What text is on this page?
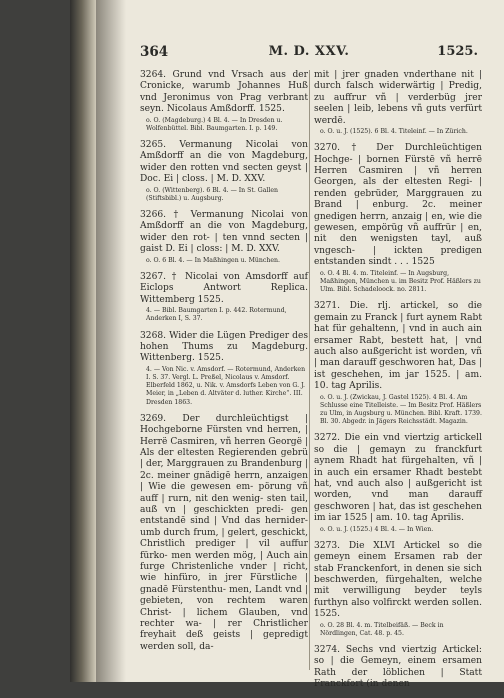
364	M. D. XXV.	1525.

3264. Grund vnd Vrsach aus der Cronicke, warumb Johannes Huß vnd Jeronimus von Prag verbrant seyn. Nicolaus Amßdorff. 1525.

o. O. (Magdeburg.) 4 Bl. 4. — In Dresden u. Wolfenbüttel. Bibl. Baumgarten. I. p. 149.

3265. Vermanung Nicolai von Amßdorff an die von Magdeburg, wider den rotten vnd secten geyst | Doc. Ei | closs. | M. D. XXV.

o. O. (Wittenberg). 6 Bl. 4. — In St. Gallen (Stiftsbibl.) u. Augsburg.

3266. † Vermanung Nicolai von Amßdorff an die von Magdeburg, wider den rot- | ten vnnd secten | gaist D. Ei | closs: | M. D. XXV.

o. O. 6 Bl. 4. — In Maßhingen u. München.

3267. † Nicolai von Amsdorff auf Eiclops Antwort Replica. Wittemberg 1525.

4. — Bibl. Baumgarten I. p. 442. Rotermund, Anderken I, S. 37.

3268. Wider die Lügen Prediger des hohen Thums zu Magdeburg. Wittenberg. 1525.

4. — Von Nic. v. Amsdorf. — Rotermund, Anderken I. S. 37. Vergl. L. Preßel, Nicolaus v. Amsdorf. Elberfeld 1862, u. Nik. v. Amsdorfs Leben von G. J. Meier, in „Leben d. Altväter d. luther. Kirche“. III. Dresden 1863.

3269. Der durchleüchtigst | Hochgeborne Fürsten vnd herren, | Herrë Casmiren, vñ herren Georgë | Als der eltesten Regierenden gebrü | der, Marggrauen zu Brandenburg | 2c. meiner gnädigē herrn, anzaigen | Wie die gewesen em- pörung vñ auff | rurn, nit den wenig- sten tail, auß vn | geschickten predi- gen entstandē sind | Vnd das hernider- umb durch frum, | gelert, geschickt, Christlich prediger | vil auffur fürko- men werden mög, | Auch ain furge Christenliche vnder | richt, wie hinfüro, in jrer Fürstliche | gnadē Fürstenthu- men, Landt vnd | gebieten, von rechtem waren Christ- | lichem Glauben, vnd rechter wa- | rer Christlicher freyhait deß geists | gepredigt werden soll, da-

mit | jrer gnaden vnderthane nit | durch falsch widerwärtig | Predig, zu auffrur vñ | verderbüg jrer seelen | leib, lebens vñ guts verfürt werdē.

o. O. u. J. (1525). 6 Bl. 4. Titeleinf. — In Zürich.

3270. † Der Durchleüchtigen Hochge- | bornen Fürstē vñ herrē Herren Casmiren | vñ herren Georgen, als der eltesten Regi- | renden gebrüder, Marggrauen zu Brand | enburg. 2c. meiner gnedigen herrn, anzaig | en, wie die gewesen, empörüg vñ auffrür | en, nit den wenigsten tayl, auß vngesch- | ickten predigen entstanden sindt . . . 1525

o. O. 4 Bl. 4. m. Titeleinf. — In Augsburg, Maßhingen, München u. im Besitz Prof. Häßlers zu Ulm. Bibl. Schadeloock. no. 2811.

3271. Die. rlj. artickel, so die gemain zu Franck | furt aynem Rabt hat für gehaltenn, | vnd in auch ain ersamer Rabt, bestett hat, | vnd auch also außgericht ist worden, vñ | man darauff geschworen hat, Das | ist geschehen, im jar 1525. | am. 10. tag Aprilis.

o. O. u. J. (Zwickau, J. Gastel 1525). 4 Bl. 4. Am Schlusse eine Titelleiste. — Im Besitz Prof. Häßlers zu Ulm, in Augsburg u. München. Bibl. Kraft. 1739. Bl. 30. Abgedr. in Jägers Reichsstädt. Magazin.

3272. Die ein vnd viertzig artickell so die | gemayn zu franckfurt aynem Rhadt hat fürgehalten, vñ | in auch ein ersamer Rhadt bestebt hat, vnd auch also | außgericht ist worden, vnd man darauff geschworen | hat, das ist geschehen im iar 1525 | am. 10. tag Aprilis.

o. O. u. J. (1525.) 4 Bl. 4. — In Wien.

3273. Die XLVI Artickel so die gemeyn einem Ersamen rab der stab Franckenfort, in denen sie sich beschwerden, fürgehalten, welche mit verwilligung beyder teyls furthyn also volfirckt werden sollen. 1525.

o. O. 28 Bl. 4. m. Titelbeifäß. — Beck in Nördlingen, Cat. 48. p. 45.

3274. Sechs vnd viertzig Artickel: so | die Gemeyn, einem ersamen Rath der löblichen | Statt Franckfort (in denen
